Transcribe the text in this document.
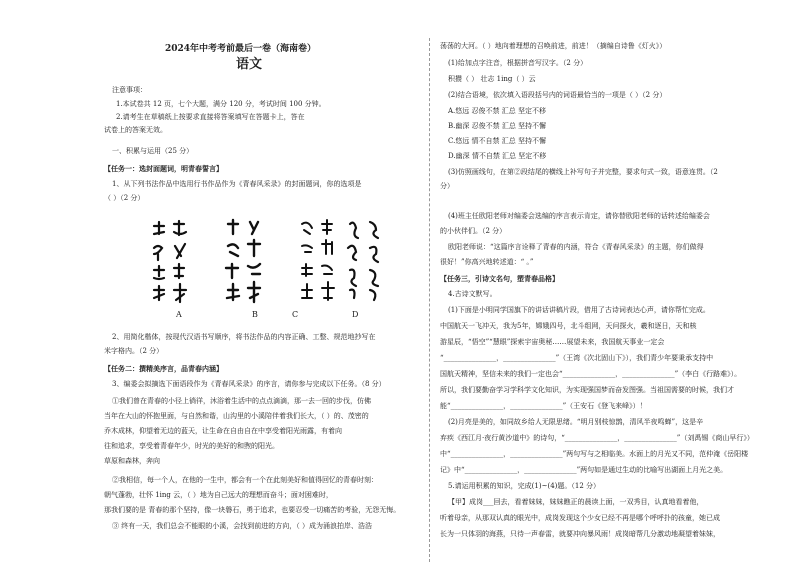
2024年中考考前最后一卷（海南卷）
语文
注意事项：
1.本试卷共 12 页，七个大题，满分 120 分，考试时间 100 分钟。
2.请考生在草稿纸上按要求直接将答案填写在答题卡上，答在
试卷上的答案无效。
一、积累与运用（25 分）
【任务一：选封面题词，明青春誓言】
1、从下列书法作品中选用行书作品作为《青春风采录》的封面题词，你的选项是
（ ）（2 分）
A	B	C	D
2、用简化楷体，按现代汉语书写顺序，将书法作品的内容正确、工整、规范地抄写在
米字格内。（2 分）
【任务二：撰精美序言，品青春内涵】
3、编委会拟摘选下面语段作为《青春风采录》的序言，请你参与完成以下任务。（8 分）
①我们曾在青春的小径上徜徉，沐浴着生活中的点点滴滴，那一去一回的步伐，仿佛
当年在大山的怀抱里面，与自然和谐，山沟里的小溪陪伴着我们长大，（ ）的、茂密的
乔木成林，仰望着无边的蓝天，让生命在自由自在中享受着阳光雨露，有着向
往和追求，享受着青春年少，时光的美好的和煦的阳光。
草原和森林，奔向
②我相信，每一个人，在他的一生中，都会有一个在此刻美好和值得回忆的青春时刻：
朝气蓬勃，壮怀 1ing 云，（ ）地为自己远大的理想而奋斗；面对困难时，
那我们要的是 青春的那个坚持，像一块磐石，勇于追求，也要忍受一切痛苦的考验，无怨无悔。
③ 终有一天，我们总会不能眼的小溪，会找到前进的方向，（ ）成为涌浪拍岸、浩浩
荡荡的大河。（ ）地向着理想的召唤前进，前进！（摘编自诗鲁《灯火》）
(1)给加点字注音，根据拼音写汉字。（2 分）
积攒（ ） 壮志 1ing（ ）云
(2)结合语境，依次填入语段括号内的词语最恰当的一项是（ ）（2 分）
A.悠远 忍俊不禁 汇总 坚定不移
B.幽深 忍俊不禁 汇总 坚持不懈
C.悠远 情不自禁 汇总 坚持不懈
D.幽深 情不自禁 汇总 坚定不移
(3)仿照画线句，在第②段结尾的横线上补写句子并完整，要求句式一致，语意连贯。（2
分）
(4)班主任欧阳老师对编委会选编的序言表示肯定，请你替欧阳老师的话转述给编委会
的小伙伴们。（2 分）
欧阳老师说：“这篇序言诠释了青春的内涵，符合《青春风采录》的主题，你们做得
很好！”你高兴地转述道：“ 。”
【任务三，引诗文名句，塑青春品格】
4.古诗文默写。
(1)下面是小明同学国旗下的讲话讲稿片段，借用了古诗词表达心声，请你帮忙完成。
中国航天一飞冲天，我为5年，嫦娥四号，北斗组网，天问探火，羲和逐日，天和核
游星辰，“悟空”“慧眼”探索宇宙奥秘……展望未来，我国航天事业一定会
“_______________，_______________”（王湾《次北固山下》），我们青少年要秉承支持中
国航天精神，坚信未来的我们一定也会“_______________，_______________”（李白《行路难》）。
所以，我们要勤奋学习学科学文化知识，为实现强国梦而奋发图强。当祖国需要的时候，我们才
能“_______________，_______________”（王安石《登飞来峰》）！
(2)月亮是美的，如同故乡给人无限思绪。“明月别枝惊鹊，清风半夜鸣蝉”，这是辛
弃疾《西江月·夜行黄沙道中》的诗句，“_______________，_______________”（刘禹锡《商山早行》）
中“_______________，_______________”两句写与之相临美。水面上的月光又不同，范仲淹《岳阳楼
记》中“_______________，_______________”两句如是通过生动的比喻写出湖面上月光之美。
5.请运用积累的知识，完成(1)~(4)题。（12 分）
【甲】成岗___回去，看着妹妹，妹妹瞧正的晨读上面，一双秀目，认真地看着他，
听着母亲，从那双认真的眼光中，成岗发现这个少女已经不再是哪个呼呼扑的孩童，她已成
长为一只体羽的海燕，只待一声春雷，就要冲向暴风雨！成岗暗帮几分激动地凝望着妹妹，
